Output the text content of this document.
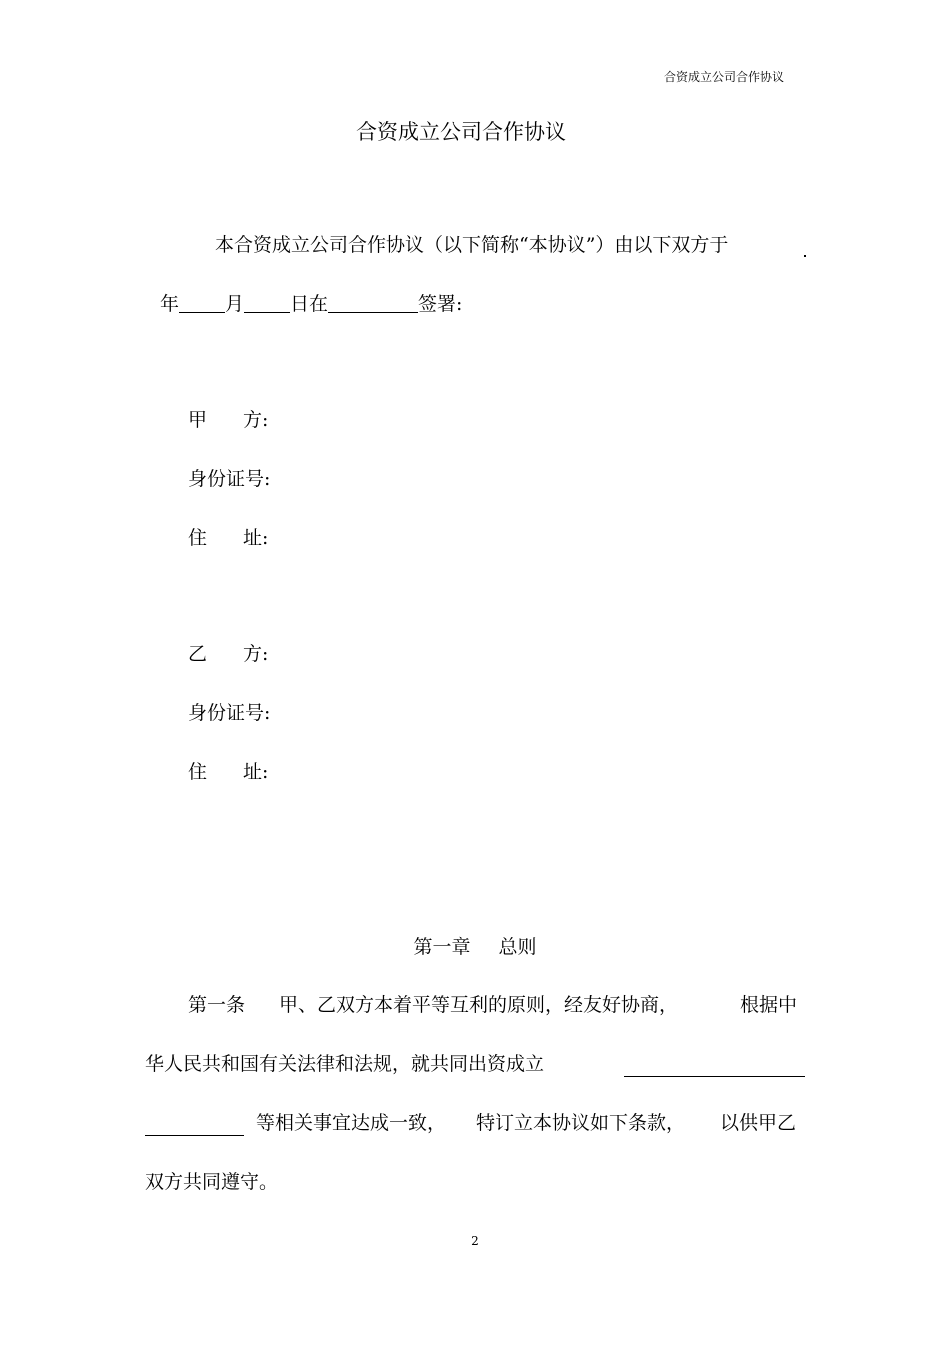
合资成立公司合作协议
合资成立公司合作协议
本合资成立公司合作协议（以下简称“本协议”）由以下双方于
年 月 日在	签署:
甲 方:
身份证号:
住 址:
乙 方:
身份证号:
住 址:
第一章 总则
第一条 甲、乙双方本着平等互利的原则，经友好协商，	根据中
华人民共和国有关法律和法规，就共同出资成立
等相关事宜达成一致， 特订立本协议如下条款， 以供甲乙
双方共同遵守。
2
